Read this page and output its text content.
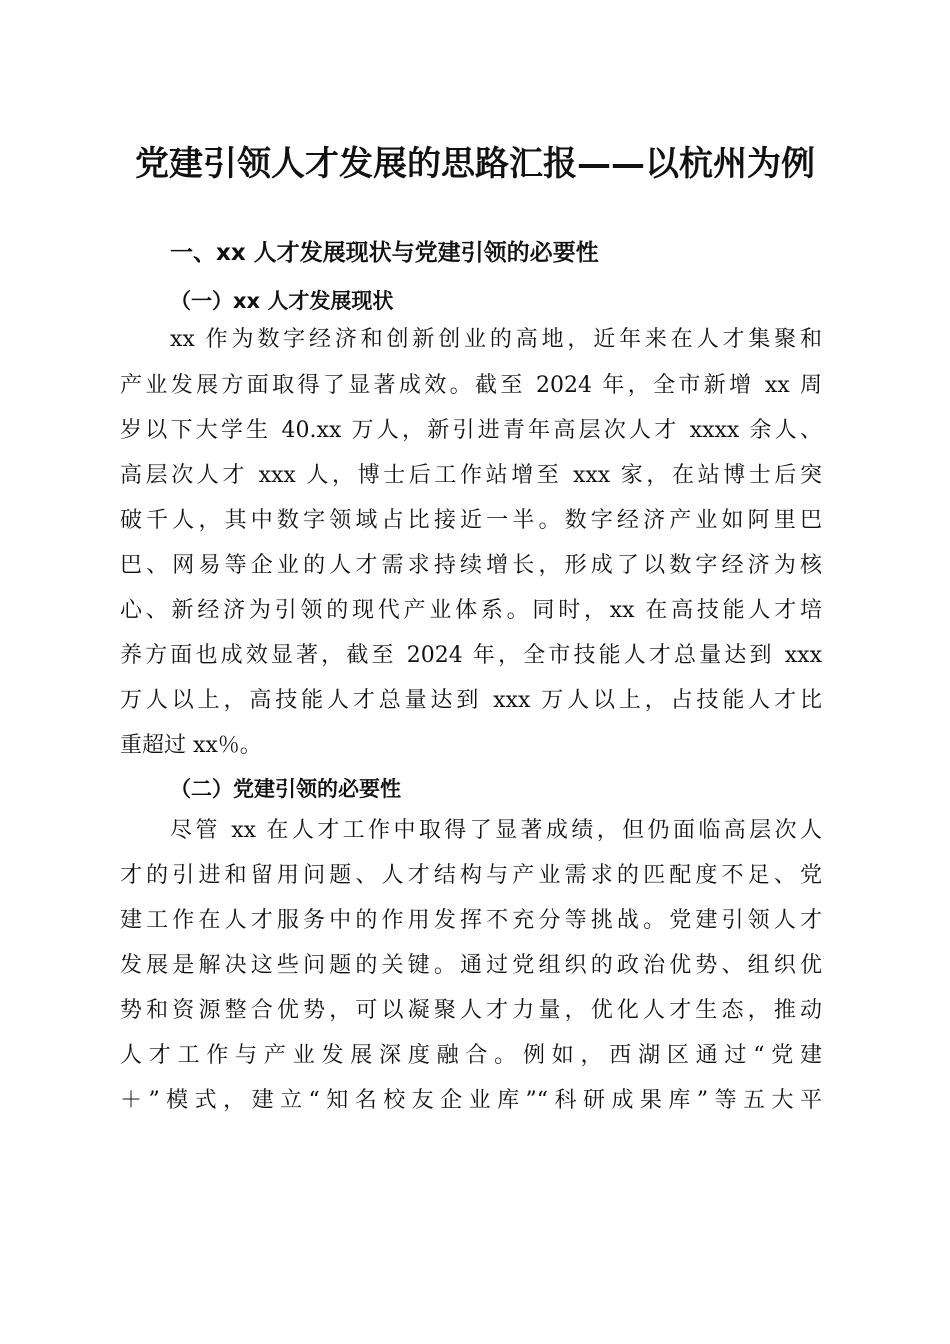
党建引领人才发展的思路汇报——以杭州为例
一、xx 人才发展现状与党建引领的必要性
（一）xx 人才发展现状
xx 作为数字经济和创新创业的高地，近年来在人才集聚和
产业发展方面取得了显著成效。截至 2024 年，全市新增 xx 周
岁以下大学生 40.xx 万人，新引进青年高层次人才 xxxx 余人、
高层次人才 xxx 人，博士后工作站增至 xxx 家，在站博士后突
破千人，其中数字领域占比接近一半。数字经济产业如阿里巴
巴、网易等企业的人才需求持续增长，形成了以数字经济为核
心、新经济为引领的现代产业体系。同时，xx 在高技能人才培
养方面也成效显著，截至 2024 年，全市技能人才总量达到 xxx
万人以上，高技能人才总量达到 xxx 万人以上，占技能人才比
重超过 xx％。
（二）党建引领的必要性
尽管 xx 在人才工作中取得了显著成绩，但仍面临高层次人
才的引进和留用问题、人才结构与产业需求的匹配度不足、党
建工作在人才服务中的作用发挥不充分等挑战。党建引领人才
发展是解决这些问题的关键。通过党组织的政治优势、组织优
势和资源整合优势，可以凝聚人才力量，优化人才生态，推动
人才工作与产业发展深度融合。例如，西湖区通过“党建
＋”模式，建立“知名校友企业库”“科研成果库”等五大平
